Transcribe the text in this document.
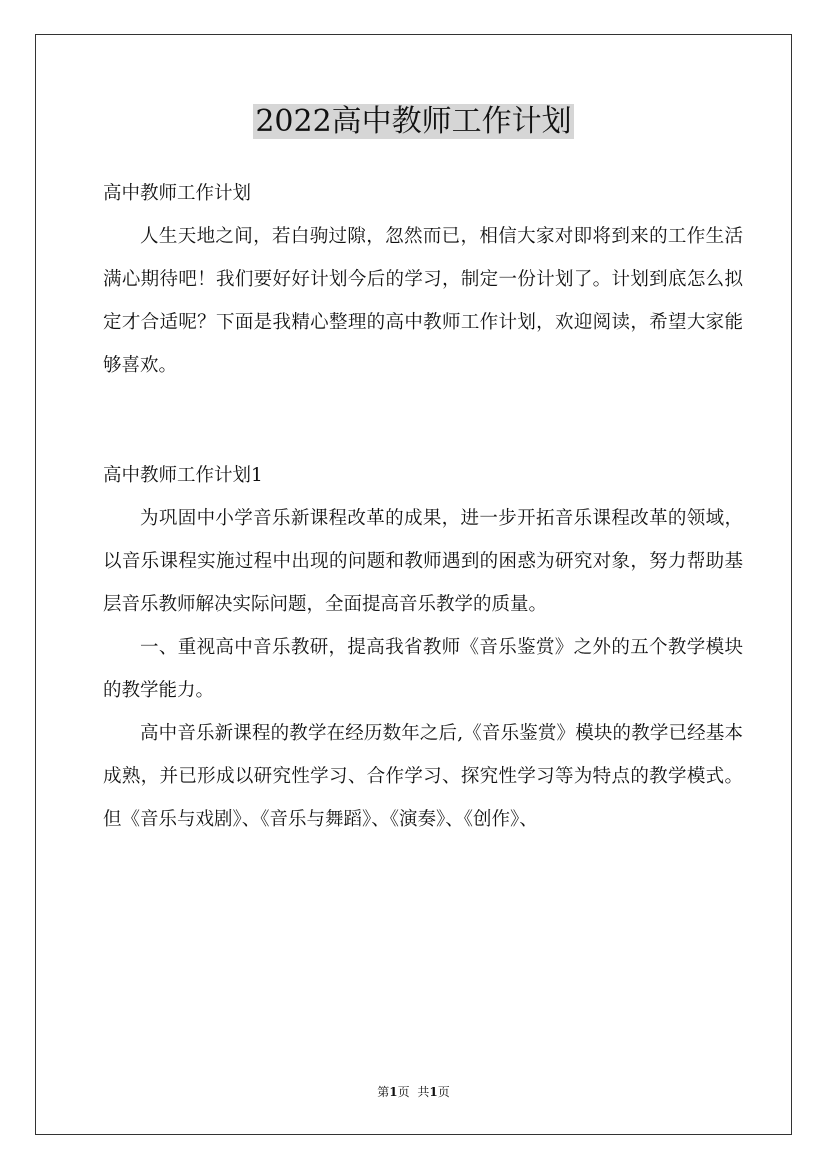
2022高中教师工作计划
高中教师工作计划

人生天地之间，若白驹过隙，忽然而已，相信大家对即将到来的工作生活满心期待吧！我们要好好计划今后的学习，制定一份计划了。计划到底怎么拟定才合适呢？下面是我精心整理的高中教师工作计划，欢迎阅读，希望大家能够喜欢。

高中教师工作计划1

为巩固中小学音乐新课程改革的成果，进一步开拓音乐课程改革的领域，以音乐课程实施过程中出现的问题和教师遇到的困惑为研究对象，努力帮助基层音乐教师解决实际问题，全面提高音乐教学的质量。

一、重视高中音乐教研，提高我省教师《音乐鉴赏》之外的五个教学模块的教学能力。

高中音乐新课程的教学在经历数年之后,《音乐鉴赏》模块的教学已经基本成熟，并已形成以研究性学习、合作学习、探究性学习等为特点的教学模式。但《音乐与戏剧》、《音乐与舞蹈》、《演奏》、《创作》、

第1页 共1页
